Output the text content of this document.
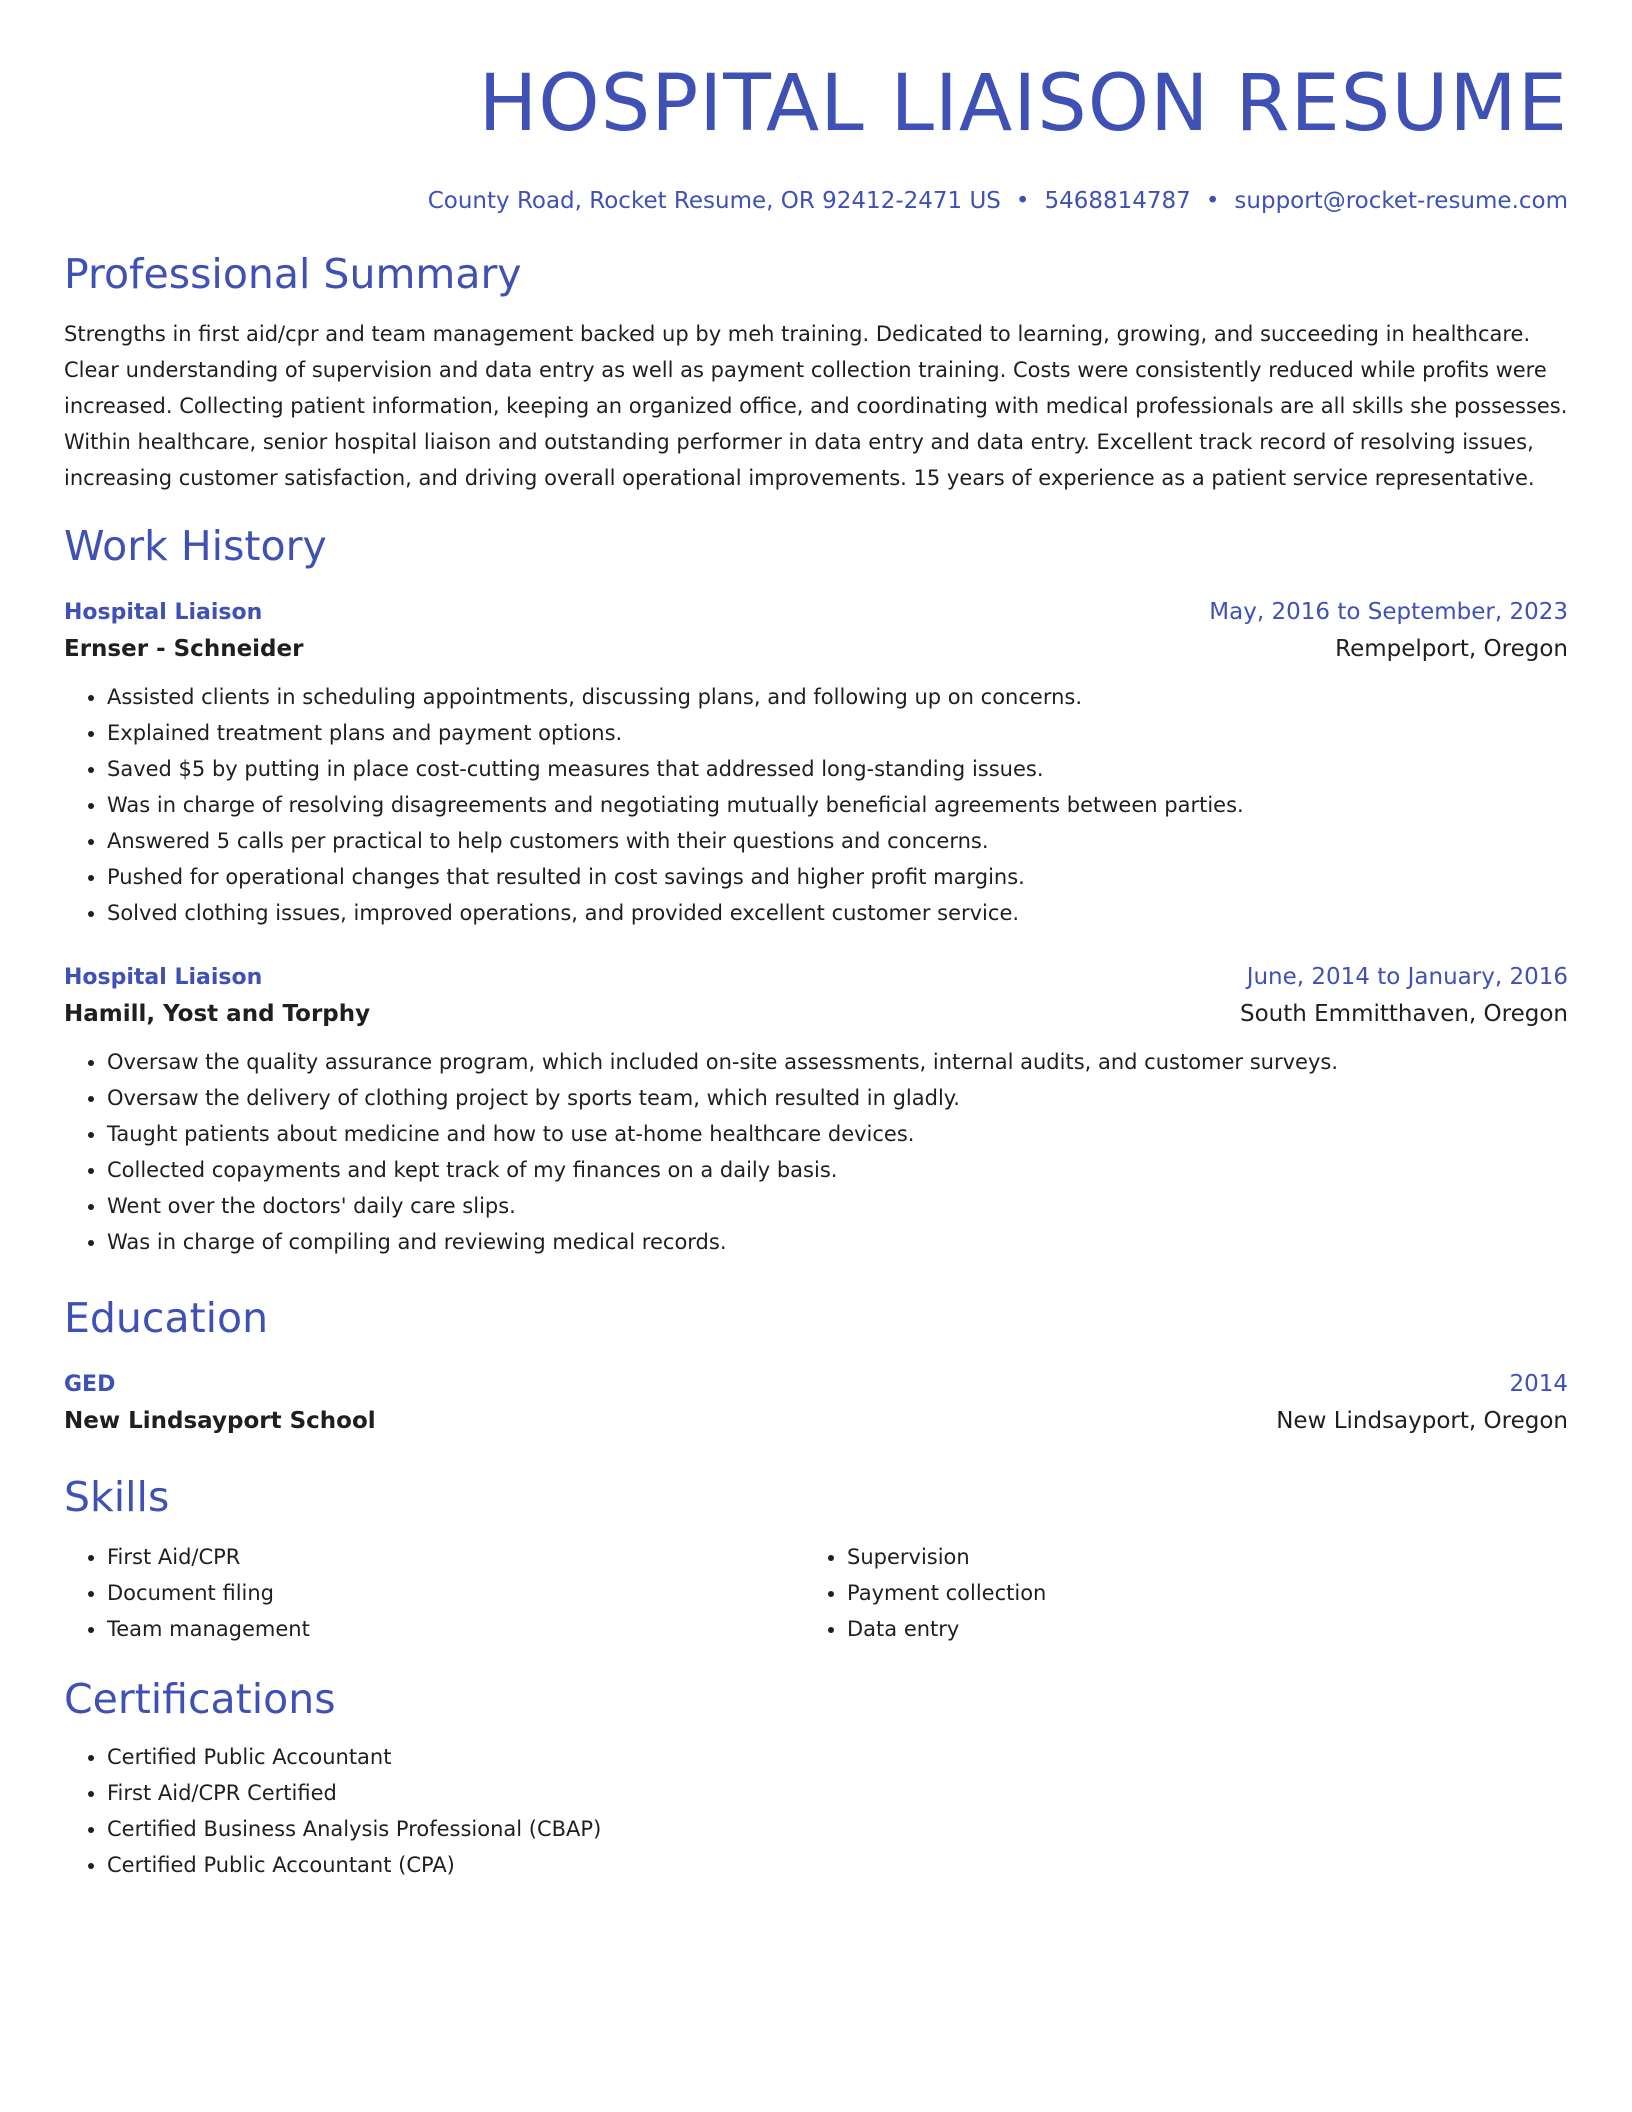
HOSPITAL LIAISON RESUME
County Road, Rocket Resume, OR 92412-2471 US • 5468814787 • support@rocket-resume.com
Professional Summary

Strengths in first aid/cpr and team management backed up by meh training. Dedicated to learning, growing, and succeeding in healthcare. Clear understanding of supervision and data entry as well as payment collection training. Costs were consistently reduced while profits were increased. Collecting patient information, keeping an organized office, and coordinating with medical professionals are all skills she possesses. Within healthcare, senior hospital liaison and outstanding performer in data entry and data entry. Excellent track record of resolving issues, increasing customer satisfaction, and driving overall operational improvements. 15 years of experience as a patient service representative.

Work History
Hospital Liaison	May, 2016 to September, 2023
Ernser - Schneider	Rempelport, Oregon
• Assisted clients in scheduling appointments, discussing plans, and following up on concerns.
• Explained treatment plans and payment options.
• Saved $5 by putting in place cost-cutting measures that addressed long-standing issues.
• Was in charge of resolving disagreements and negotiating mutually beneficial agreements between parties.
• Answered 5 calls per practical to help customers with their questions and concerns.
• Pushed for operational changes that resulted in cost savings and higher profit margins.
• Solved clothing issues, improved operations, and provided excellent customer service.
Hospital Liaison	June, 2014 to January, 2016
Hamill, Yost and Torphy	South Emmitthaven, Oregon
• Oversaw the quality assurance program, which included on-site assessments, internal audits, and customer surveys.
• Oversaw the delivery of clothing project by sports team, which resulted in gladly.
• Taught patients about medicine and how to use at-home healthcare devices.
• Collected copayments and kept track of my finances on a daily basis.
• Went over the doctors' daily care slips.
• Was in charge of compiling and reviewing medical records.
Education
GED	2014
New Lindsayport School	New Lindsayport, Oregon
Skills
• First Aid/CPR
• Document filing
• Team management
• Supervision
• Payment collection
• Data entry
Certifications
• Certified Public Accountant
• First Aid/CPR Certified
• Certified Business Analysis Professional (CBAP)
• Certified Public Accountant (CPA)
